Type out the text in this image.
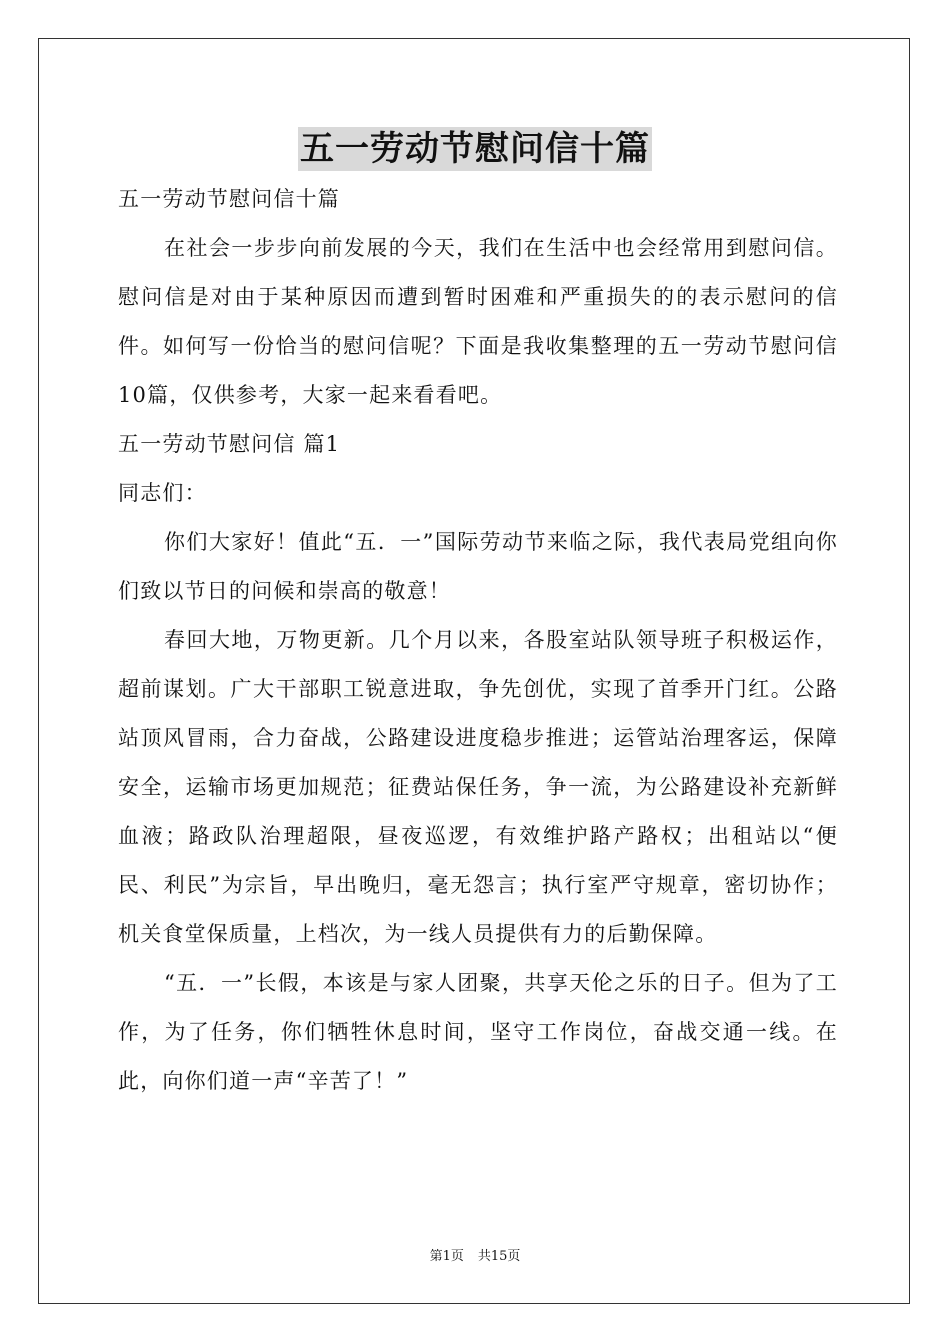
五一劳动节慰问信十篇

五一劳动节慰问信十篇

在社会一步步向前发展的今天，我们在生活中也会经常用到慰问信。慰问信是对由于某种原因而遭到暂时困难和严重损失的的表示慰问的信件。如何写一份恰当的慰问信呢？下面是我收集整理的五一劳动节慰问信10篇，仅供参考，大家一起来看看吧。

五一劳动节慰问信 篇1

同志们：

你们大家好！值此“五．一”国际劳动节来临之际，我代表局党组向你们致以节日的问候和崇高的敬意！

春回大地，万物更新。几个月以来，各股室站队领导班子积极运作，超前谋划。广大干部职工锐意进取，争先创优，实现了首季开门红。公路站顶风冒雨，合力奋战，公路建设进度稳步推进；运管站治理客运，保障安全，运输市场更加规范；征费站保任务，争一流，为公路建设补充新鲜血液；路政队治理超限，昼夜巡逻，有效维护路产路权；出租站以“便民、利民”为宗旨，早出晚归，毫无怨言；执行室严守规章，密切协作；机关食堂保质量，上档次，为一线人员提供有力的后勤保障。

“五．一”长假，本该是与家人团聚，共享天伦之乐的日子。但为了工作，为了任务，你们牺牲休息时间，坚守工作岗位，奋战交通一线。在此，向你们道一声“辛苦了！”

第1页 共15页
